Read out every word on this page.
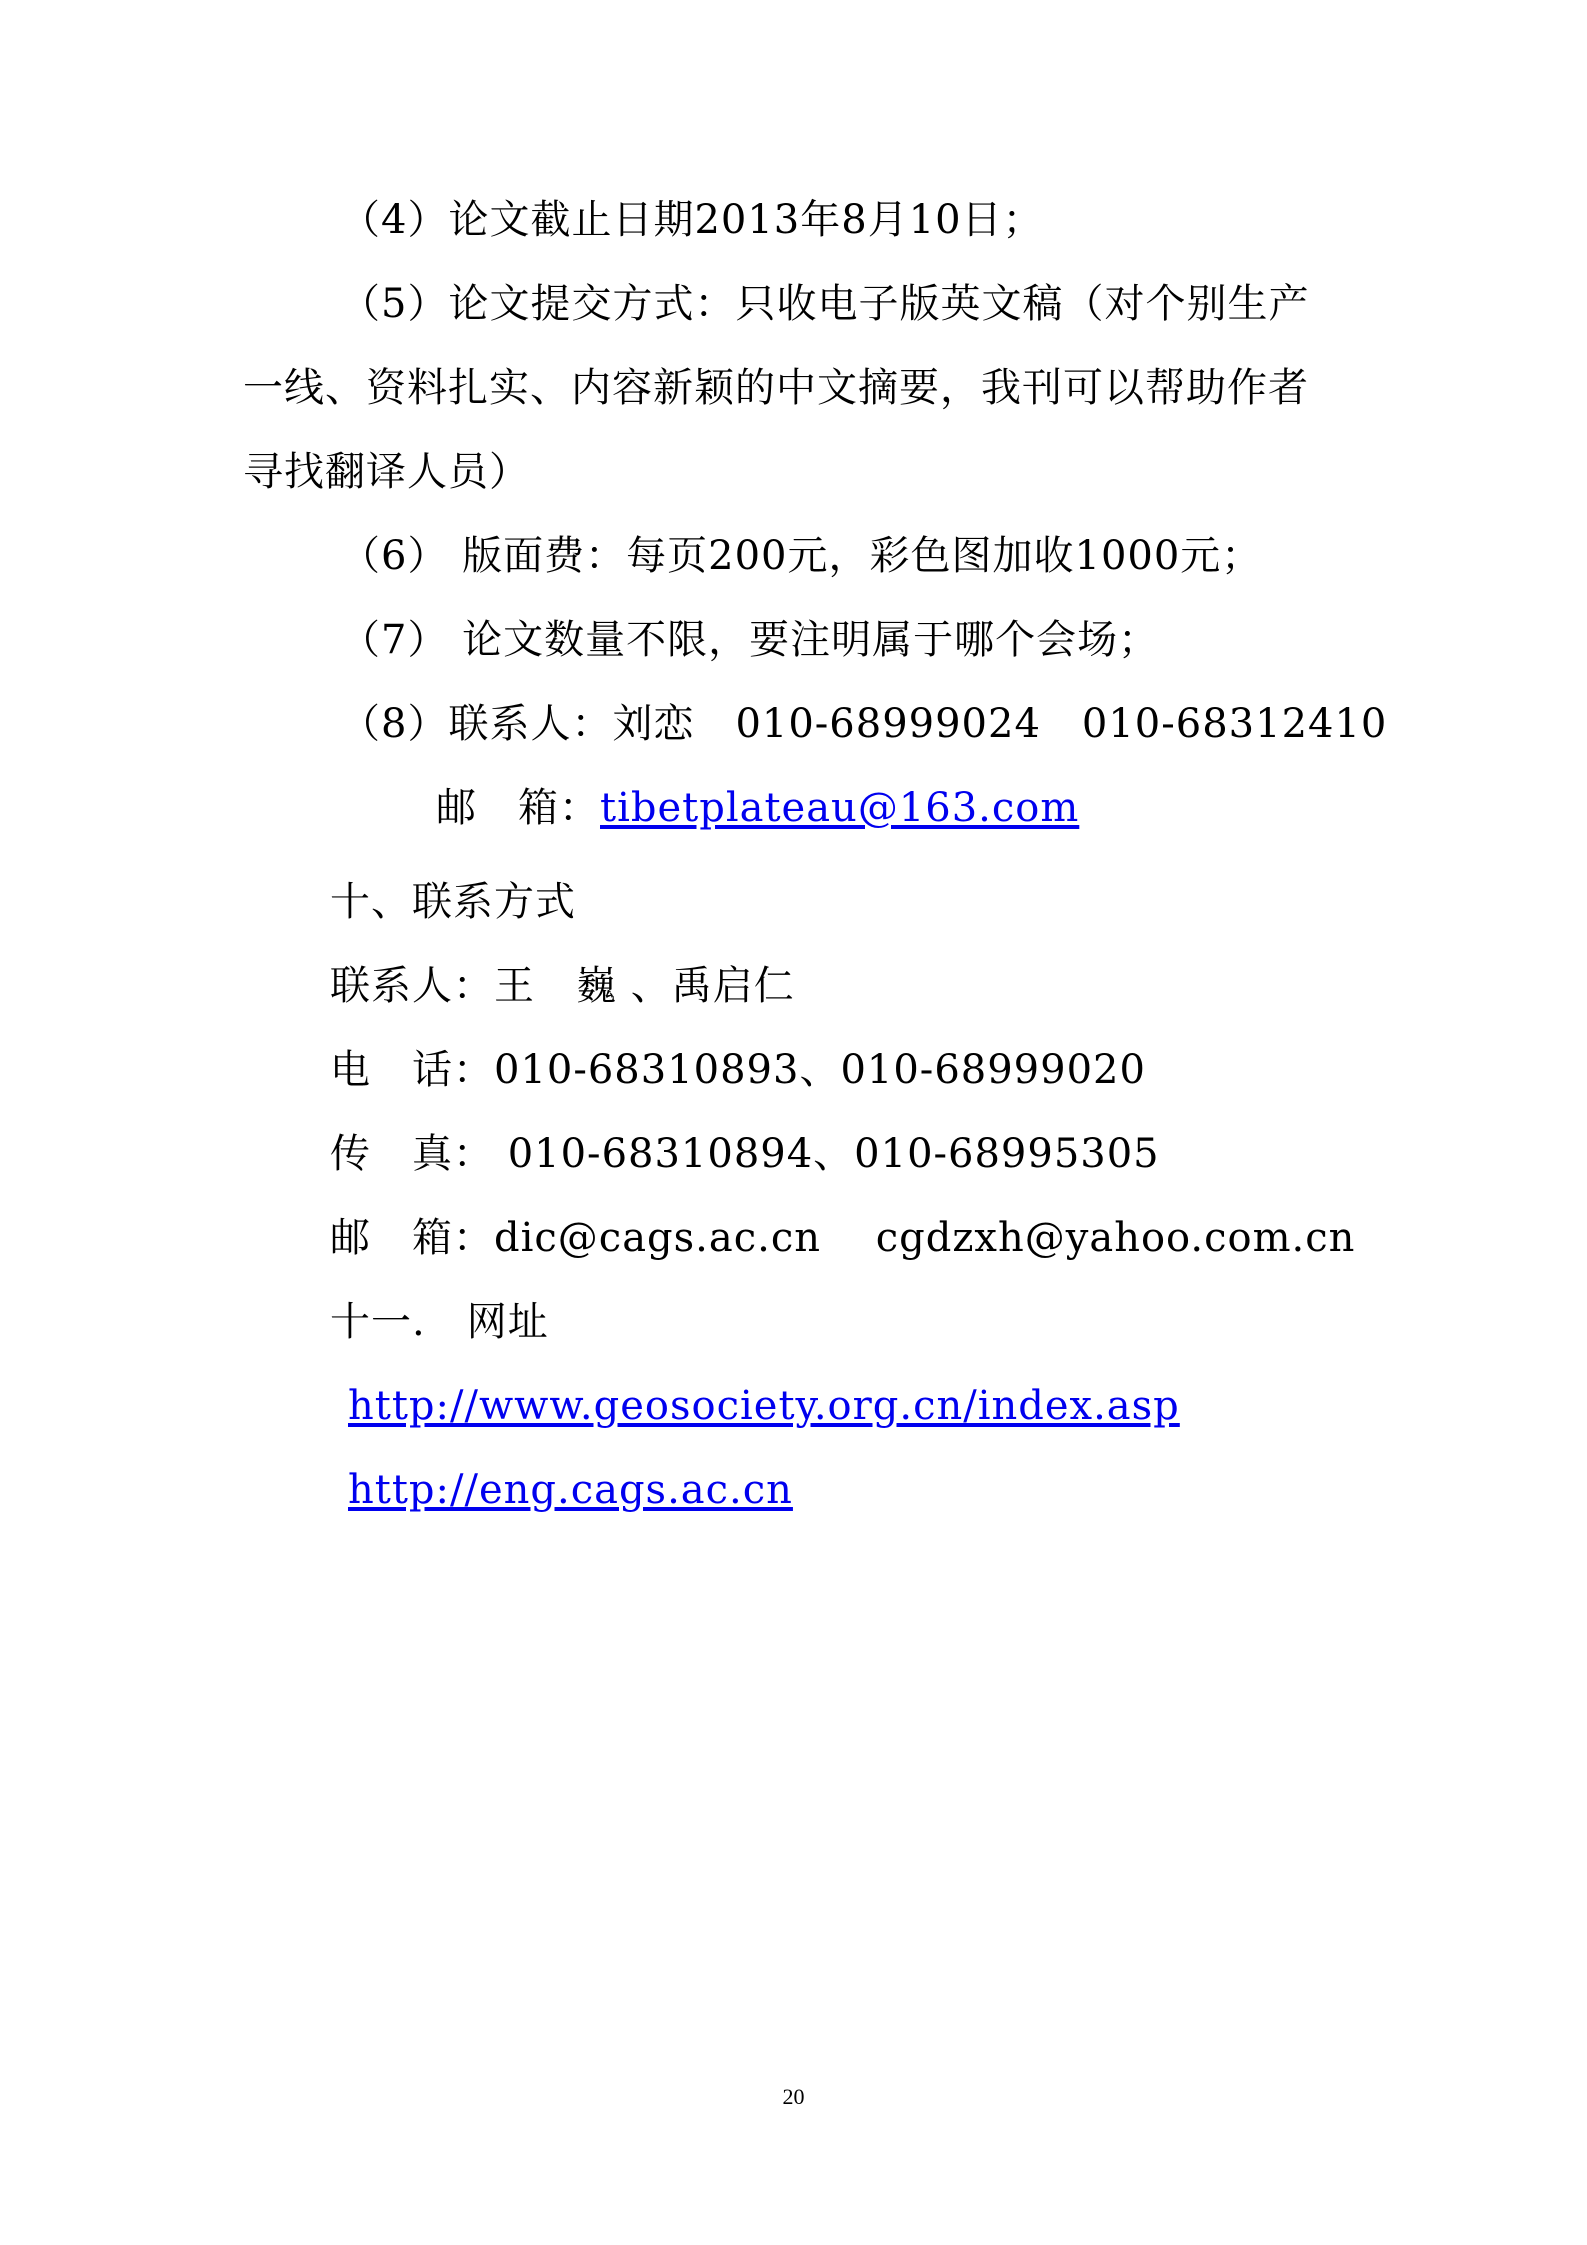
（4）论文截止日期2013年8月10日；
（5）论文提交方式：只收电子版英文稿（对个别生产
一线、资料扎实、内容新颖的中文摘要，我刊可以帮助作者
寻找翻译人员）
（6） 版面费：每页200元，彩色图加收1000元；
（7） 论文数量不限，要注明属于哪个会场；
（8）联系人：刘恋　010-68999024　010-68312410
邮　箱：tibetplateau@163.com
十、联系方式
联系人：王　巍 、禹启仁
电　话：010-68310893、010-68999020
传　真： 010-68310894、010-68995305
邮　箱：dic@cags.ac.cn　 cgdzxh@yahoo.com.cn
十一.　网址
http://www.geosociety.org.cn/index.asp
http://eng.cags.ac.cn
20
